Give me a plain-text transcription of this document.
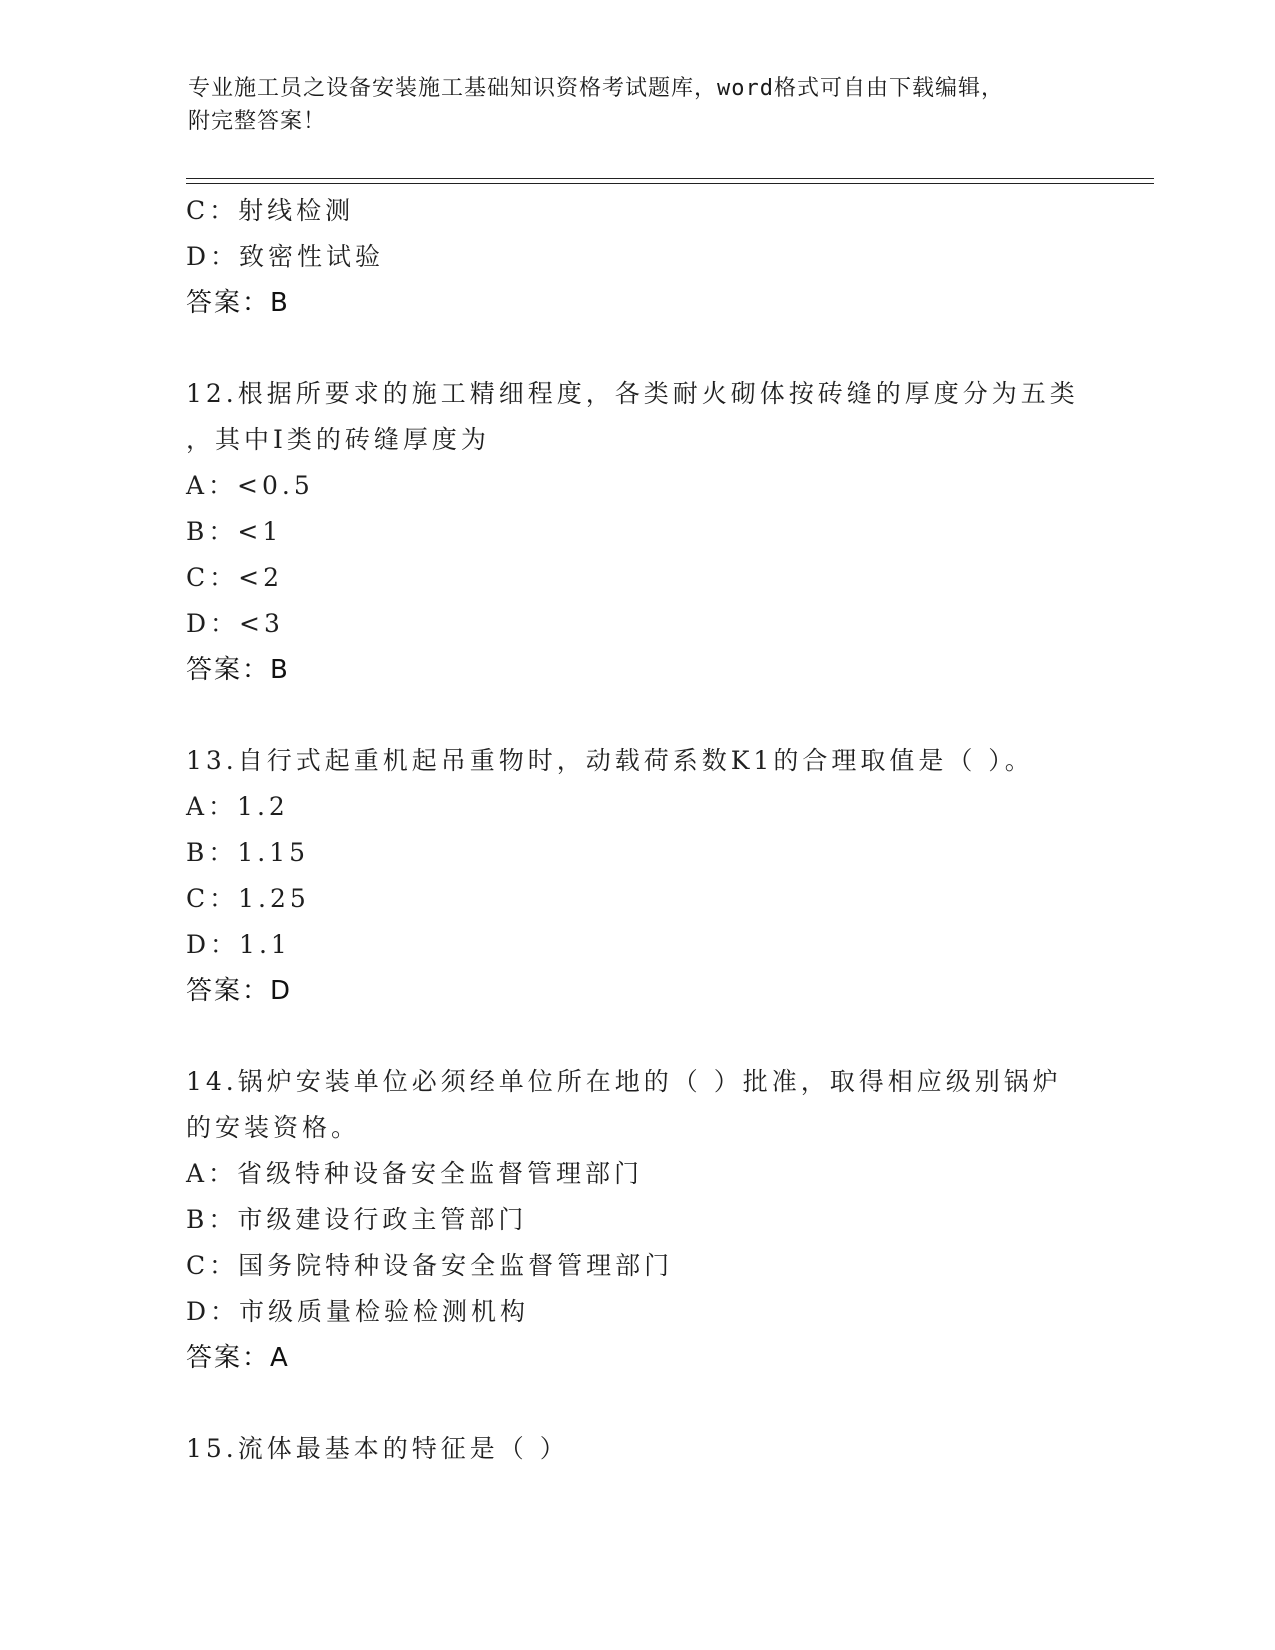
专业施工员之设备安装施工基础知识资格考试题库，word格式可自由下载编辑，
附完整答案！
C：射线检测
D：致密性试验
答案：B
12.根据所要求的施工精细程度，各类耐火砌体按砖缝的厚度分为五类
，其中Ⅰ类的砖缝厚度为
A：<0.5
B：<1
C：<2
D：<3
答案：B
13.自行式起重机起吊重物时，动载荷系数K1的合理取值是（ ）。
A：1.2
B：1.15
C：1.25
D：1.1
答案：D
14.锅炉安装单位必须经单位所在地的（ ）批准，取得相应级别锅炉
的安装资格。
A：省级特种设备安全监督管理部门
B：市级建设行政主管部门
C：国务院特种设备安全监督管理部门
D：市级质量检验检测机构
答案：A
15.流体最基本的特征是（ ）
